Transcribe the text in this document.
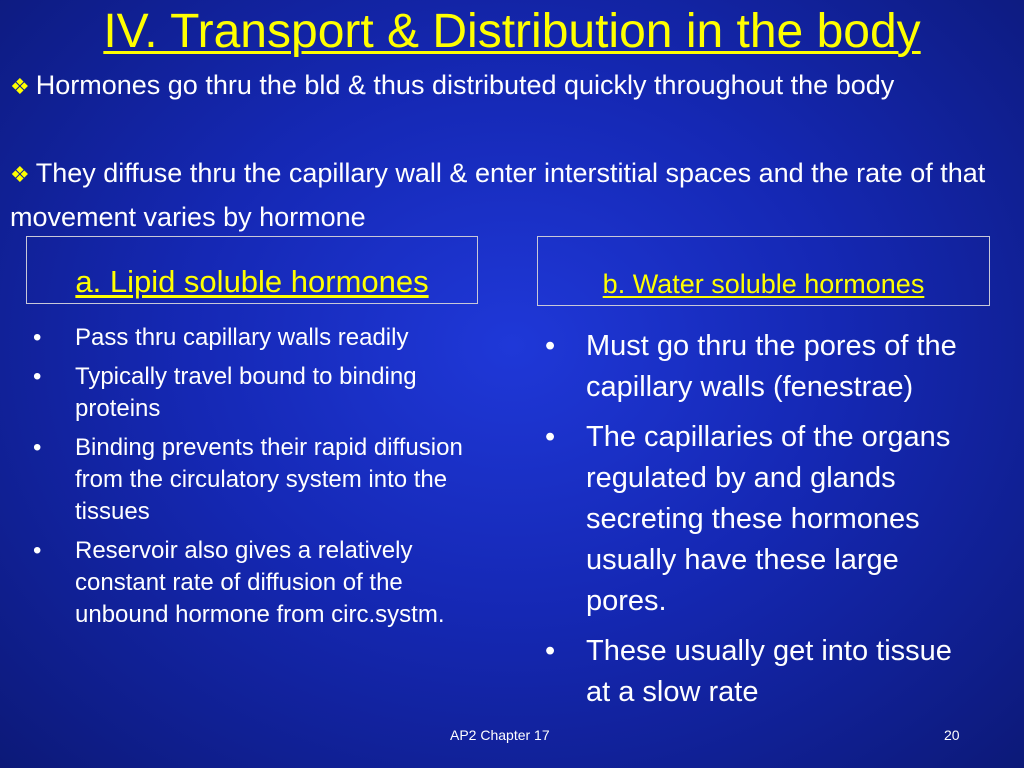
IV. Transport & Distribution in the body
❖ Hormones go thru the bld & thus distributed quickly throughout the body
❖ They diffuse thru the capillary wall & enter interstitial spaces and the rate of that movement varies by hormone
a. Lipid soluble hormones	b. Water soluble hormones
• Pass thru capillary walls readily
• Typically travel bound to binding proteins
• Binding prevents their rapid diffusion from the circulatory system into the tissues
• Reservoir also gives a relatively constant rate of diffusion of the unbound hormone from circ.systm.
• Must go thru the pores of the capillary walls (fenestrae)
• The capillaries of the organs regulated by and glands secreting these hormones usually have these large pores.
• These usually get into tissue at a slow rate
AP2 Chapter 17	20
